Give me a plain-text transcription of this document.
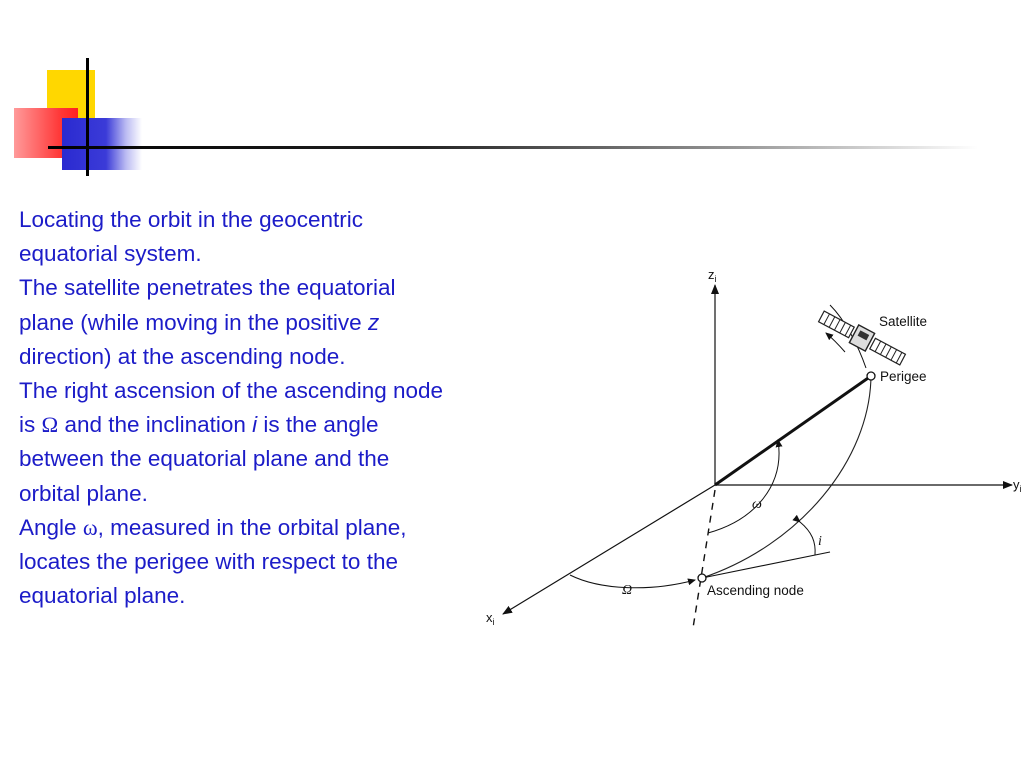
Locating the orbit in the geocentric equatorial system.

The satellite penetrates the equatorial plane (while moving in the positive z direction) at the ascending node.

The right ascension of the ascending node is Ω and the inclination i is the angle between the equatorial plane and the orbital plane.

Angle ω, measured in the orbital plane, locates the perigee with respect to the equatorial plane.

$z_i$
$y_i$
$x_i$
Satellite
Perigee
Ascending node
ω
Ω
i
